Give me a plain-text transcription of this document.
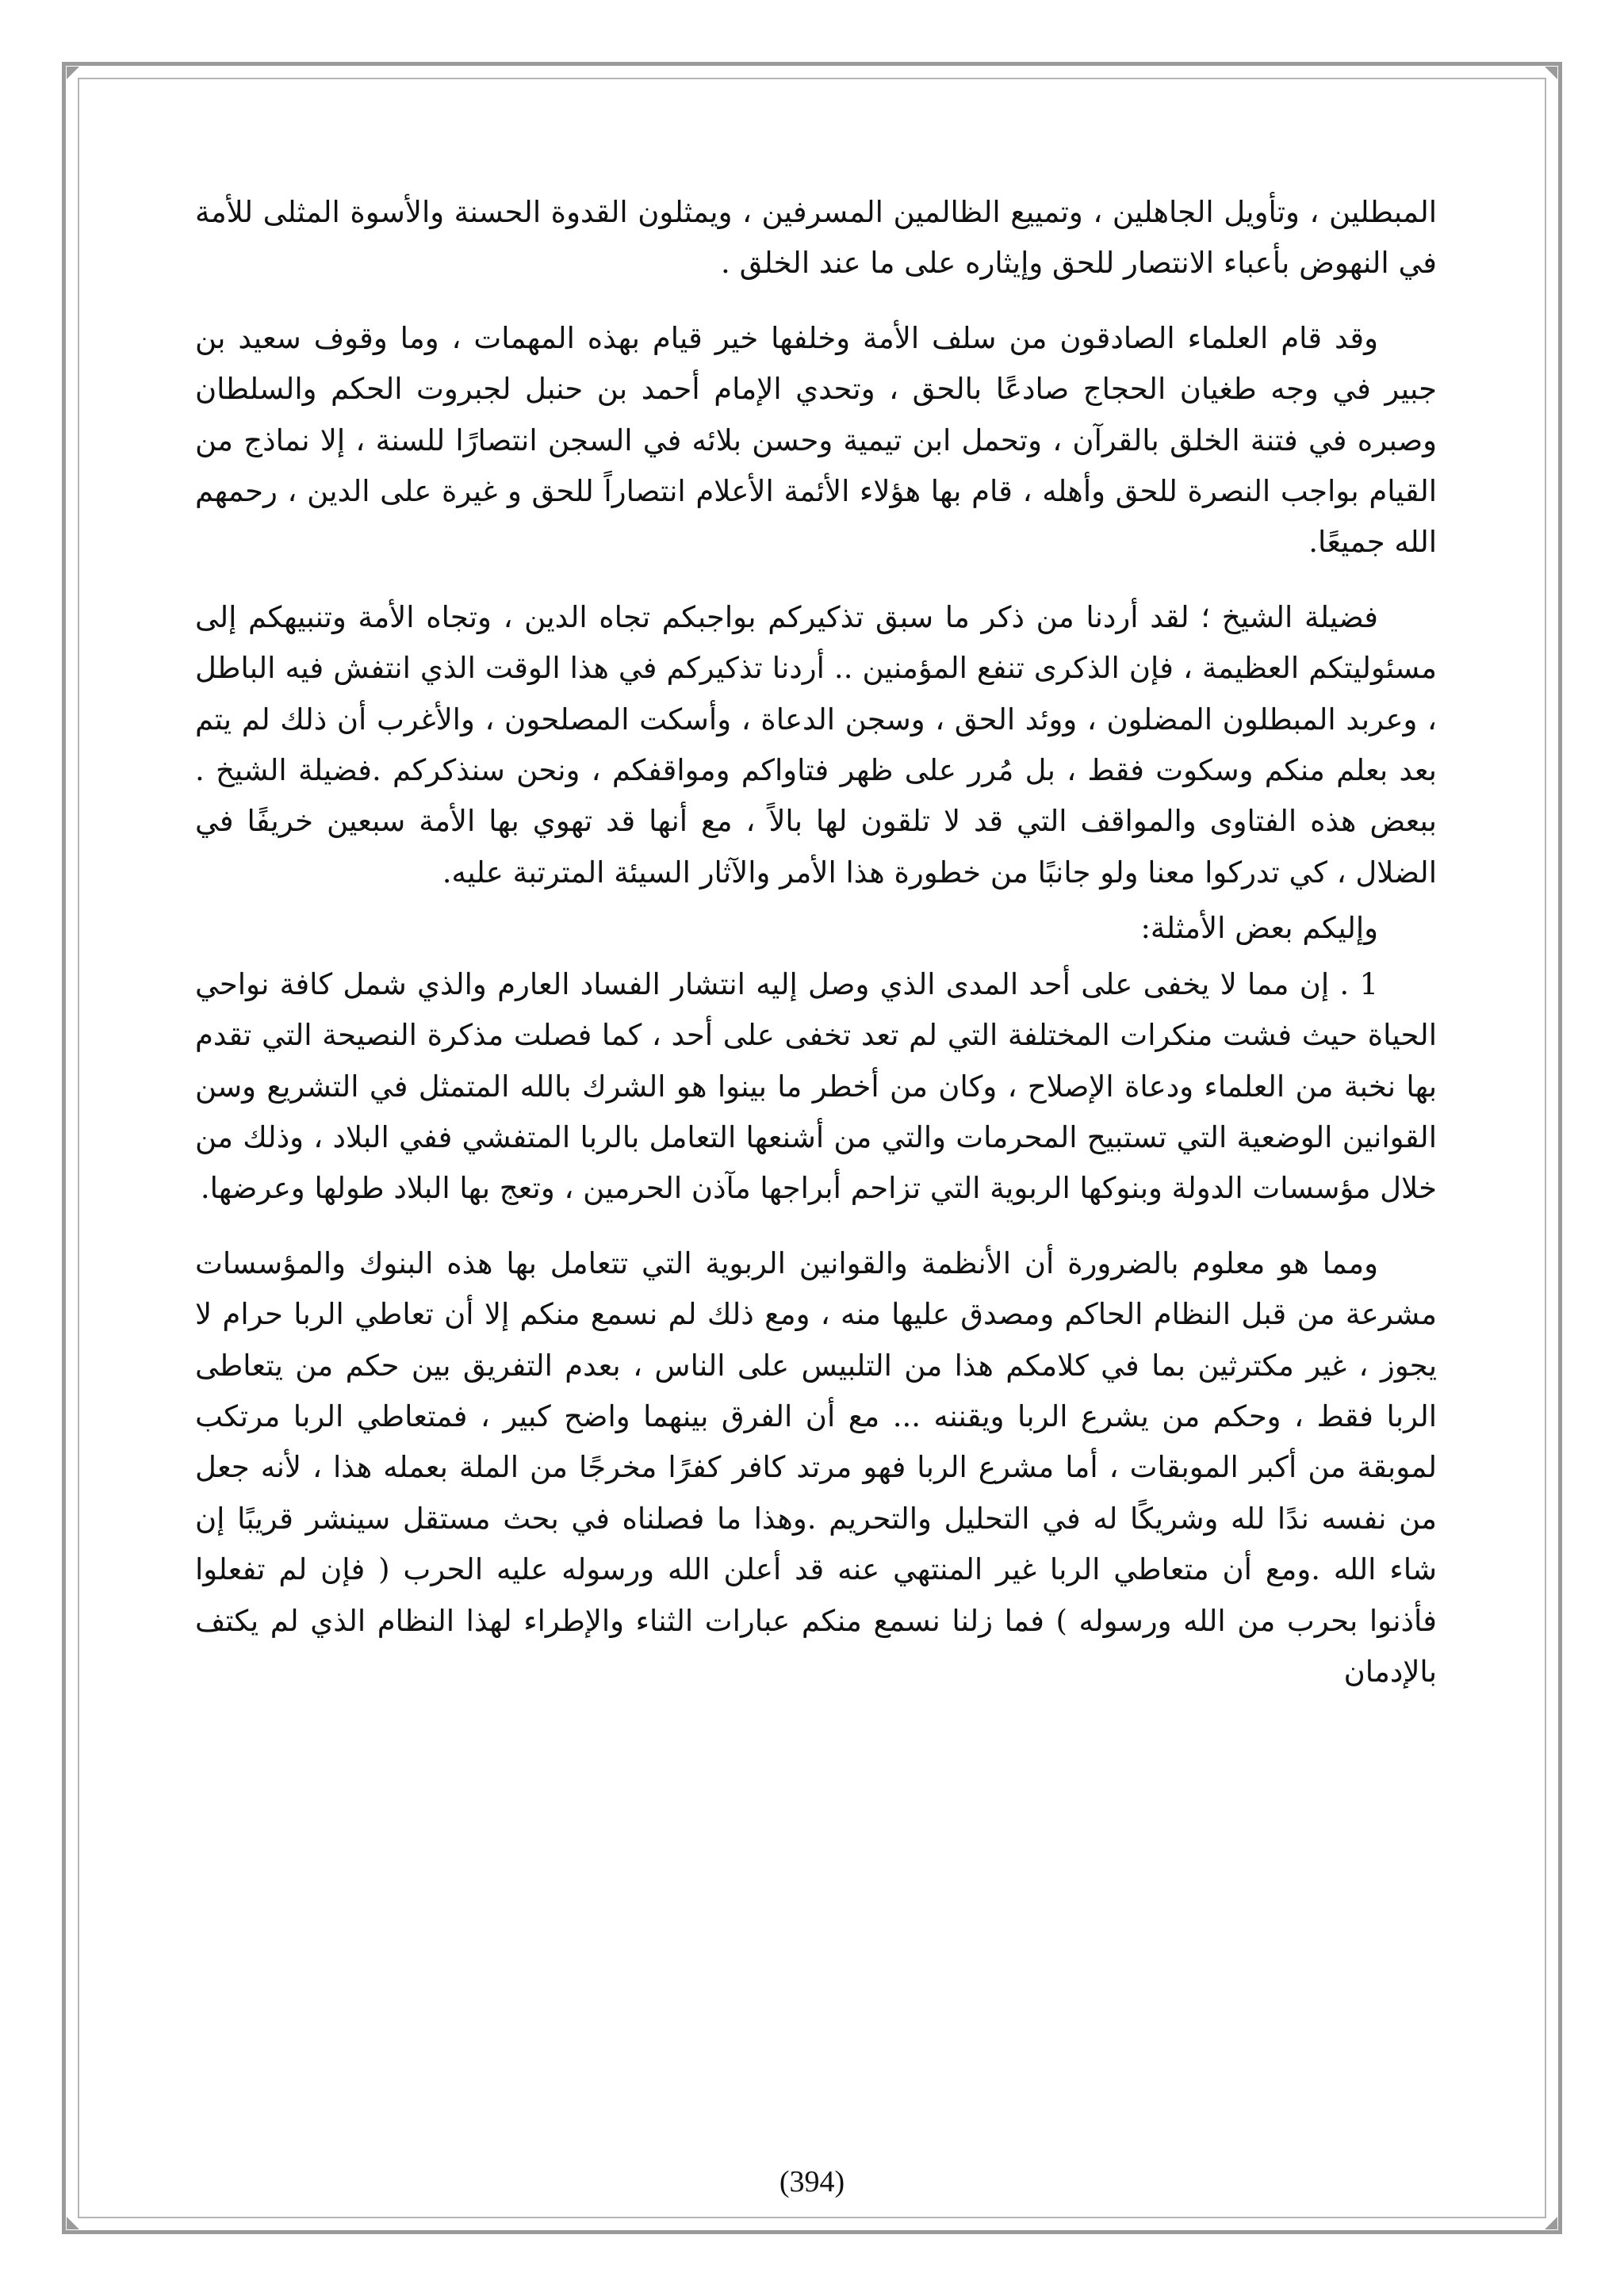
المبطلين ، وتأويل الجاهلين ، وتمييع الظالمين المسرفين ، ويمثلون القدوة الحسنة والأسوة المثلى للأمة في النهوض بأعباء الانتصار للحق وإيثاره على ما عند الخلق .

وقد قام العلماء الصادقون من سلف الأمة وخلفها خير قيام بهذه المهمات ، وما وقوف سعيد بن جبير في وجه طغيان الحجاج صادعًا بالحق ، وتحدي الإمام أحمد بن حنبل لجبروت الحكم والسلطان وصبره في فتنة الخلق بالقرآن ، وتحمل ابن تيمية وحسن بلائه في السجن انتصارًا للسنة ، إلا نماذج من القيام بواجب النصرة للحق وأهله ، قام بها هؤلاء الأئمة الأعلام انتصاراً للحق و غيرة على الدين ، رحمهم الله جميعًا.

فضيلة الشيخ ؛ لقد أردنا من ذكر ما سبق تذكيركم بواجبكم تجاه الدين ، وتجاه الأمة وتنبيهكم إلى مسئوليتكم العظيمة ، فإن الذكرى تنفع المؤمنين .. أردنا تذكيركم في هذا الوقت الذي انتفش فيه الباطل ، وعربد المبطلون المضلون ، ووئد الحق ، وسجن الدعاة ، وأسكت المصلحون ، والأغرب أن ذلك لم يتم بعد بعلم منكم وسكوت فقط ، بل مُرر على ظهر فتاواكم ومواقفكم ، ونحن سنذكركم .فضيلة الشيخ . ببعض هذه الفتاوى والمواقف التي قد لا تلقون لها بالاً ، مع أنها قد تهوي بها الأمة سبعين خريفًا في الضلال ، كي تدركوا معنا ولو جانبًا من خطورة هذا الأمر والآثار السيئة المترتبة عليه.

وإليكم بعض الأمثلة:

1 . إن مما لا يخفى على أحد المدى الذي وصل إليه انتشار الفساد العارم والذي شمل كافة نواحي الحياة حيث فشت منكرات المختلفة التي لم تعد تخفى على أحد ، كما فصلت مذكرة النصيحة التي تقدم بها نخبة من العلماء ودعاة الإصلاح ، وكان من أخطر ما بينوا هو الشرك بالله المتمثل في التشريع وسن القوانين الوضعية التي تستبيح المحرمات والتي من أشنعها التعامل بالربا المتفشي ففي البلاد ، وذلك من خلال مؤسسات الدولة وبنوكها الربوية التي تزاحم أبراجها مآذن الحرمين ، وتعج بها البلاد طولها وعرضها.

ومما هو معلوم بالضرورة أن الأنظمة والقوانين الربوية التي تتعامل بها هذه البنوك والمؤسسات مشرعة من قبل النظام الحاكم ومصدق عليها منه ، ومع ذلك لم نسمع منكم إلا أن تعاطي الربا حرام لا يجوز ، غير مكترثين بما في كلامكم هذا من التلبيس على الناس ، بعدم التفريق بين حكم من يتعاطى الربا فقط ، وحكم من يشرع الربا ويقننه ... مع أن الفرق بينهما واضح كبير ، فمتعاطي الربا مرتكب لموبقة من أكبر الموبقات ، أما مشرع الربا فهو مرتد كافر كفرًا مخرجًا من الملة بعمله هذا ، لأنه جعل من نفسه ندًا لله وشريكًا له في التحليل والتحريم .وهذا ما فصلناه في بحث مستقل سينشر قريبًا إن شاء الله .ومع أن متعاطي الربا غير المنتهي عنه قد أعلن الله ورسوله عليه الحرب ( فإن لم تفعلوا فأذنوا بحرب من الله ورسوله ) فما زلنا نسمع منكم عبارات الثناء والإطراء لهذا النظام الذي لم يكتف بالإدمان

(394)
